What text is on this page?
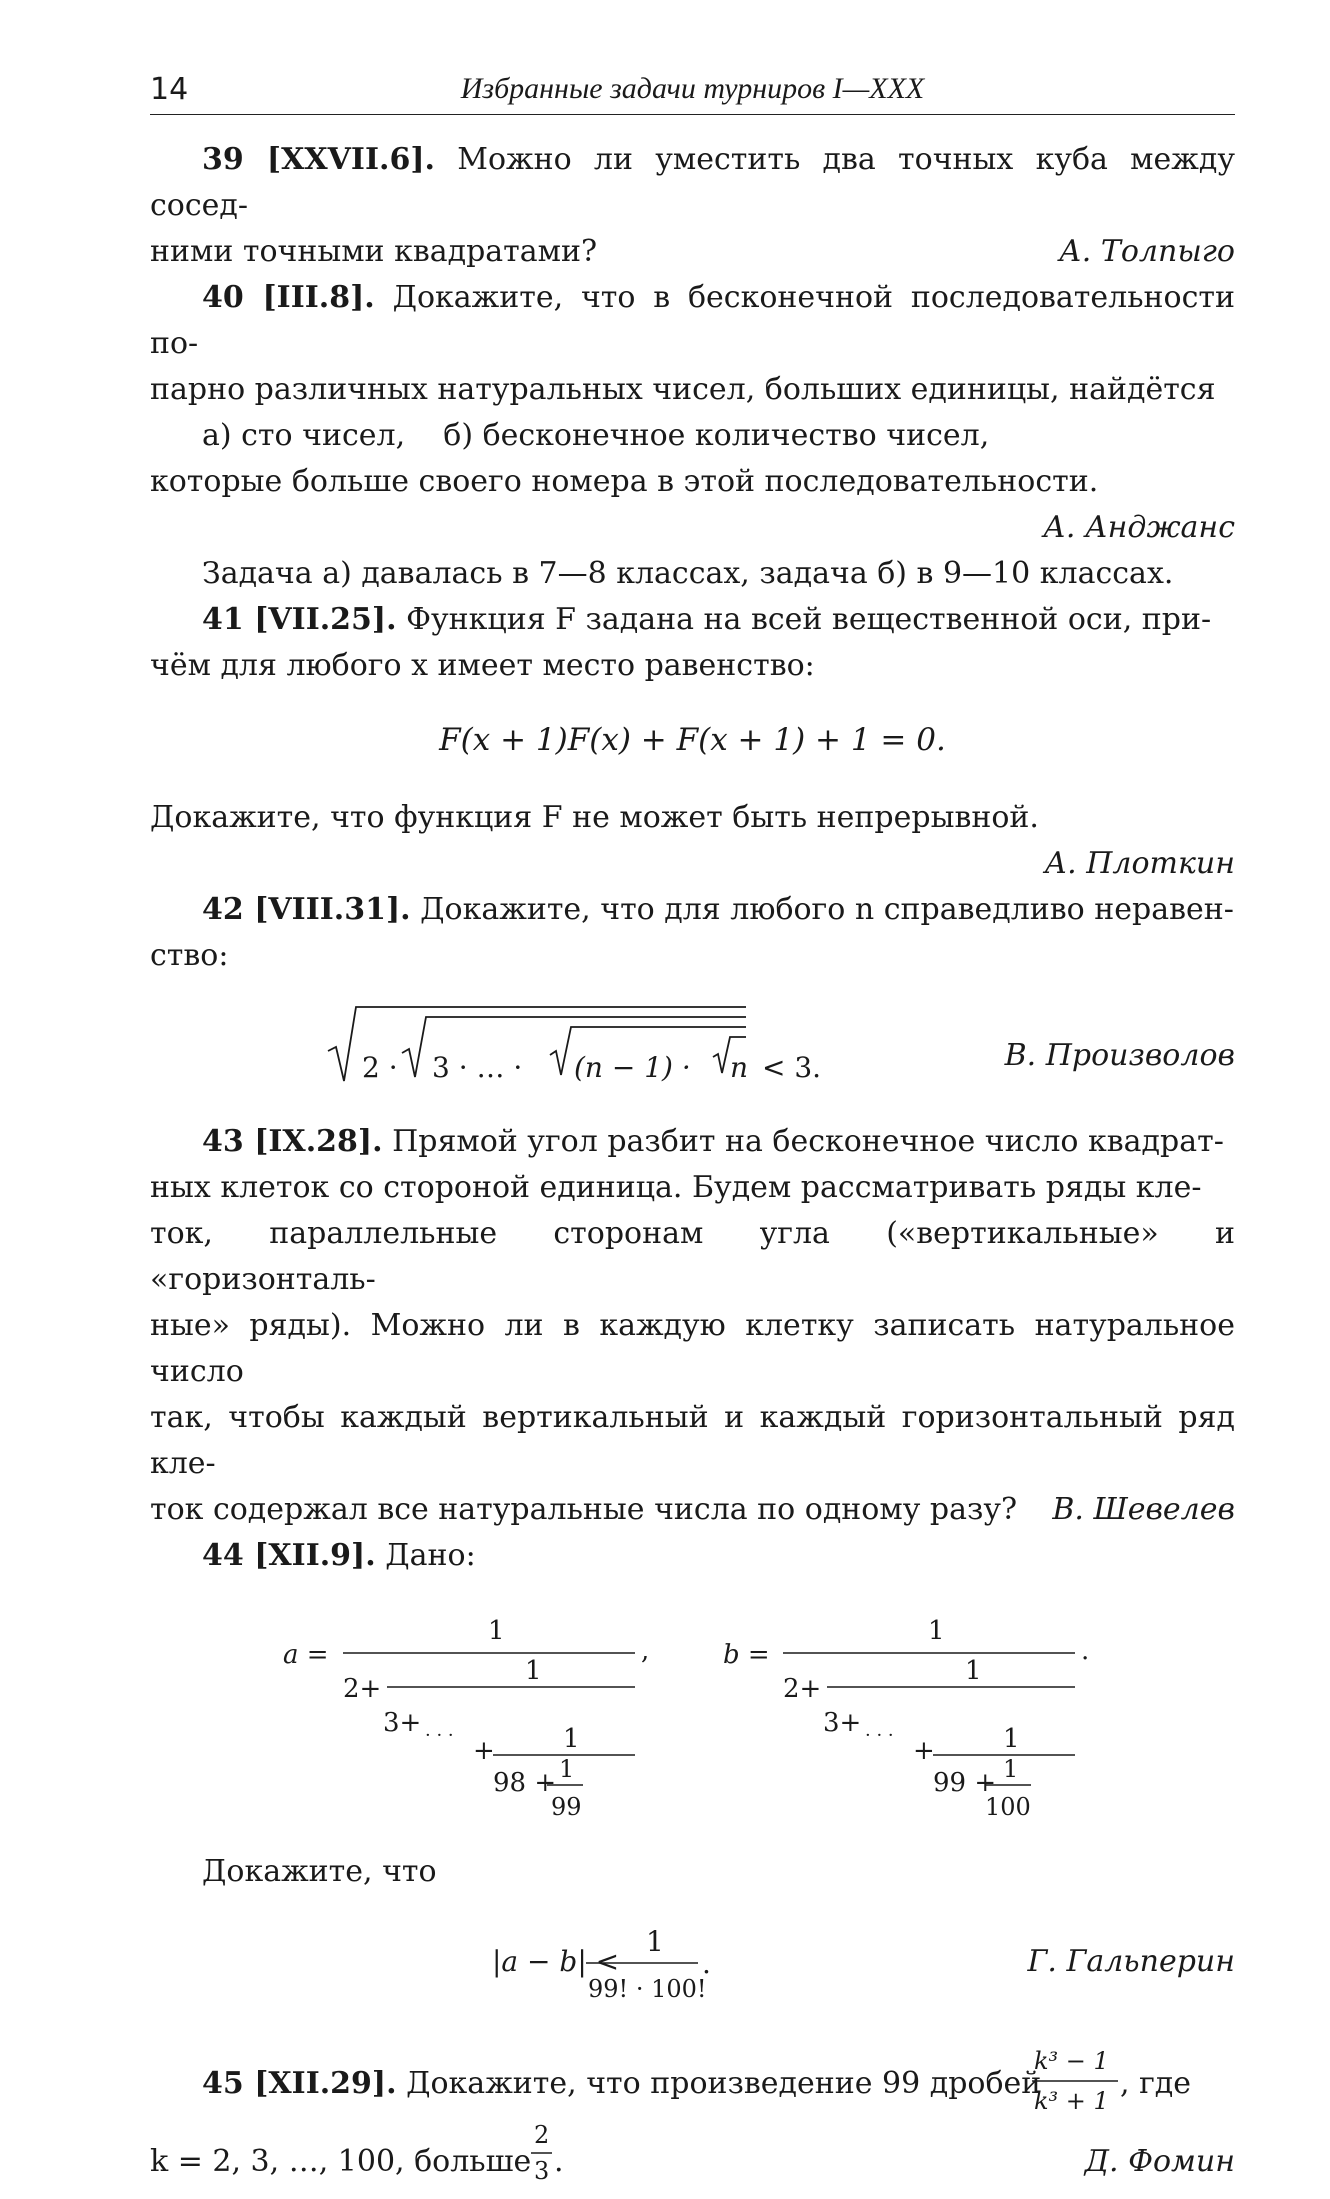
14	Избранные задачи турниров I—XXX

39 [XXVII.6]. Можно ли уместить два точных куба между сосед-

ними точными квадратами?	А. Толпыго

40 [III.8]. Докажите, что в бесконечной последовательности по-

парно различных натуральных чисел, больших единицы, найдётся

а) сто чисел, б) бесконечное количество чисел,

которые больше своего номера в этой последовательности.

А. Анджанс

Задача а) давалась в 7—8 классах, задача б) в 9—10 классах.

41 [VII.25]. Функция F задана на всей вещественной оси, при-

чём для любого x имеет место равенство:

F(x + 1)F(x) + F(x + 1) + 1 = 0.

Докажите, что функция F не может быть непрерывной.

А. Плоткин

42 [VIII.31]. Докажите, что для любого n справедливо неравен-

ство:

2 · 3 · … · (n − 1) · n < 3.	В. Произволов

43 [IX.28]. Прямой угол разбит на бесконечное число квадрат-

ных клеток со стороной единица. Будем рассматривать ряды кле-

ток, параллельные сторонам угла («вертикальные» и «горизонталь-

ные» ряды). Можно ли в каждую клетку записать натуральное число

так, чтобы каждый вертикальный и каждый горизонтальный ряд кле-

ток содержал все натуральные числа по одному разу? В. Шевелев

44 [XII.9]. Дано:

a =
1
,
2+
1
3+ · · ·
+	1
98 + 1
99
b =
1
.
2+
1
3+ · · ·
+	1
99 + 1
100

Докажите, что

|a − b| <
1
99! · 100!
.	Г. Гальперин
45 [XII.29]. Докажите, что произведение 99 дробей
k³ − 1
k³ + 1 , где
k = 2, 3, …, 100, больше
2
3 .	Д. Фомин
